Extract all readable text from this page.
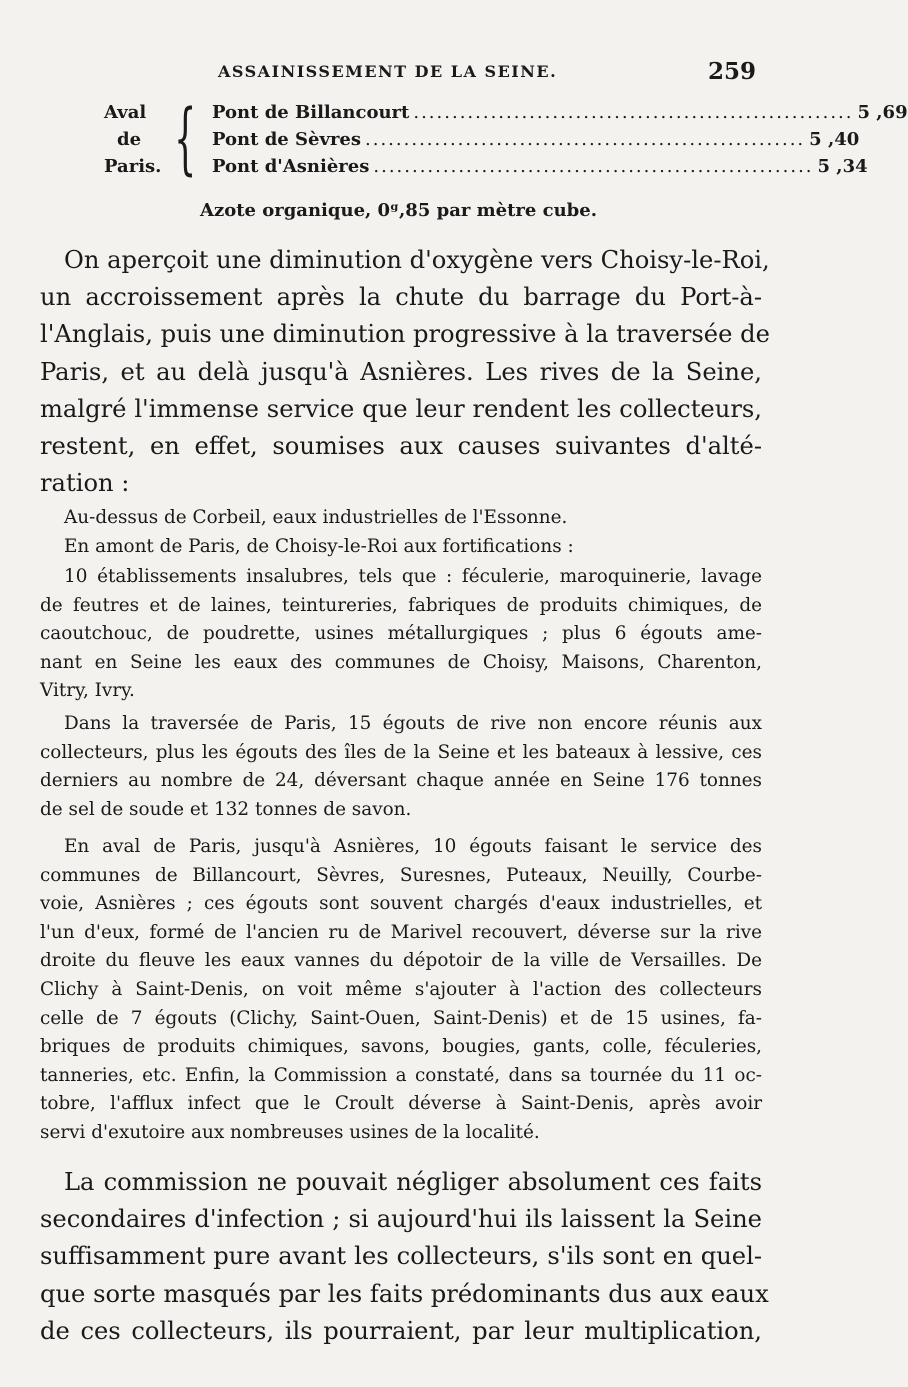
ASSAINISSEMENT DE LA SEINE.	259
Aval
de
Paris. { Pont de Billancourt ......................................................... 5 ,69
Pont de Sèvres ......................................................... 5 ,40
Pont d'Asnières ......................................................... 5 ,34
Azote organique, 0ᵍ,85 par mètre cube.
On aperçoit une diminution d'oxygène vers Choisy-le-Roi,
un accroissement après la chute du barrage du Port-à-
l'Anglais, puis une diminution progressive à la traversée de
Paris, et au delà jusqu'à Asnières. Les rives de la Seine,
malgré l'immense service que leur rendent les collecteurs,
restent, en effet, soumises aux causes suivantes d'alté-
ration :
Au-dessus de Corbeil, eaux industrielles de l'Essonne.
En amont de Paris, de Choisy-le-Roi aux fortifications :
10 établissements insalubres, tels que : féculerie, maroquinerie, lavage
de feutres et de laines, teintureries, fabriques de produits chimiques, de
caoutchouc, de poudrette, usines métallurgiques ; plus 6 égouts ame-
nant en Seine les eaux des communes de Choisy, Maisons, Charenton,
Vitry, Ivry.
Dans la traversée de Paris, 15 égouts de rive non encore réunis aux
collecteurs, plus les égouts des îles de la Seine et les bateaux à lessive, ces
derniers au nombre de 24, déversant chaque année en Seine 176 tonnes
de sel de soude et 132 tonnes de savon.
En aval de Paris, jusqu'à Asnières, 10 égouts faisant le service des
communes de Billancourt, Sèvres, Suresnes, Puteaux, Neuilly, Courbe-
voie, Asnières ; ces égouts sont souvent chargés d'eaux industrielles, et
l'un d'eux, formé de l'ancien ru de Marivel recouvert, déverse sur la rive
droite du fleuve les eaux vannes du dépotoir de la ville de Versailles. De
Clichy à Saint-Denis, on voit même s'ajouter à l'action des collecteurs
celle de 7 égouts (Clichy, Saint-Ouen, Saint-Denis) et de 15 usines, fa-
briques de produits chimiques, savons, bougies, gants, colle, féculeries,
tanneries, etc. Enfin, la Commission a constaté, dans sa tournée du 11 oc-
tobre, l'afflux infect que le Croult déverse à Saint-Denis, après avoir
servi d'exutoire aux nombreuses usines de la localité.
La commission ne pouvait négliger absolument ces faits
secondaires d'infection ; si aujourd'hui ils laissent la Seine
suffisamment pure avant les collecteurs, s'ils sont en quel-
que sorte masqués par les faits prédominants dus aux eaux
de ces collecteurs, ils pourraient, par leur multiplication,
